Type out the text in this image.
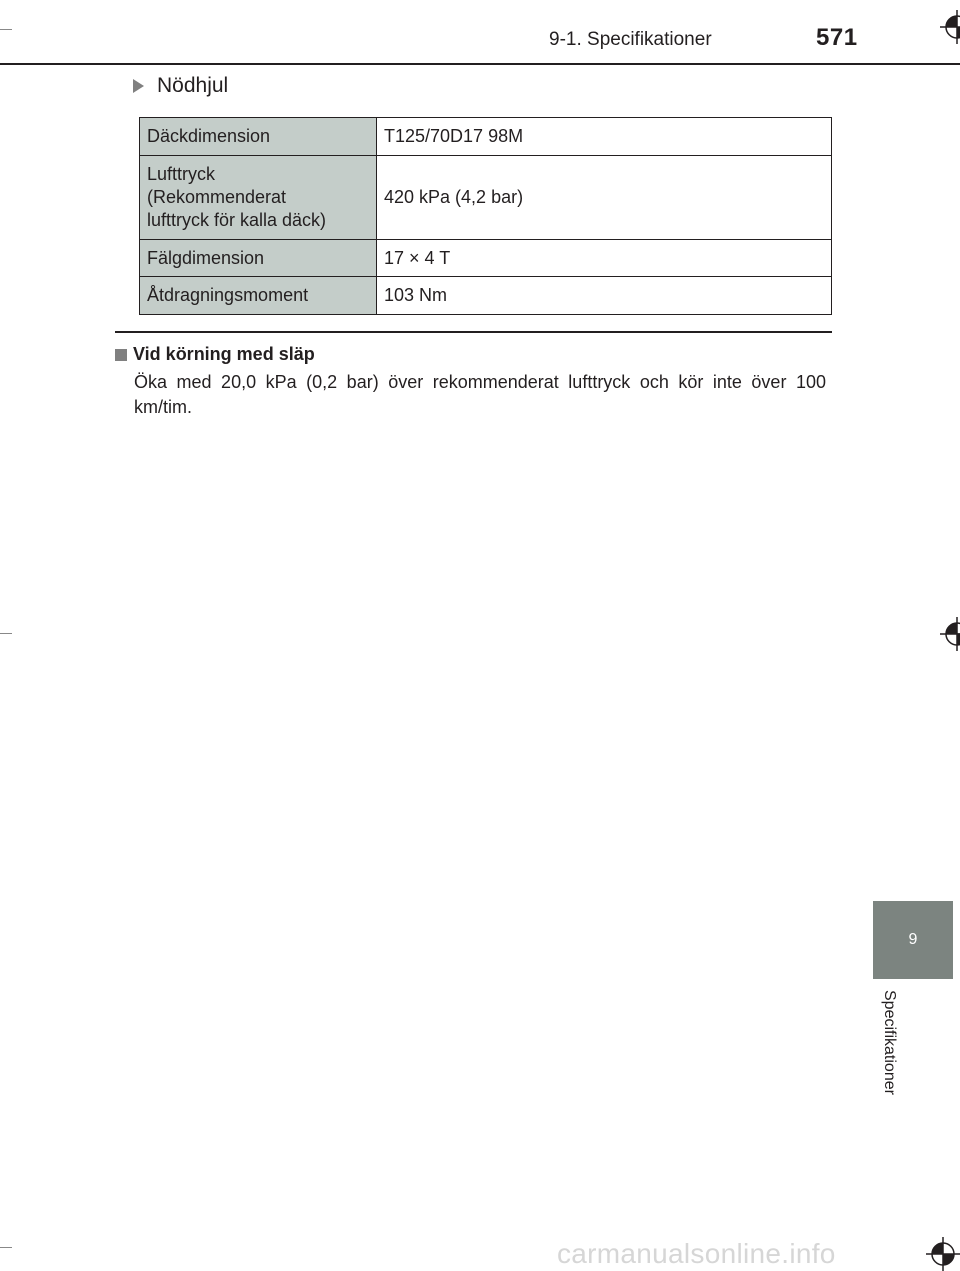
9-1. Specifikationer	571
Nödhjul
Däckdimension	T125/70D17 98M
Lufttryck
(Rekommenderat
lufttryck för kalla däck)	420 kPa (4,2 bar)
Fälgdimension	17 × 4 T
Åtdragningsmoment	103 Nm
Vid körning med släp
Öka med 20,0 kPa (0,2 bar) över rekommenderat lufttryck och kör inte över 100 km/tim.
9
Specifikationer
carmanualsonline.info
